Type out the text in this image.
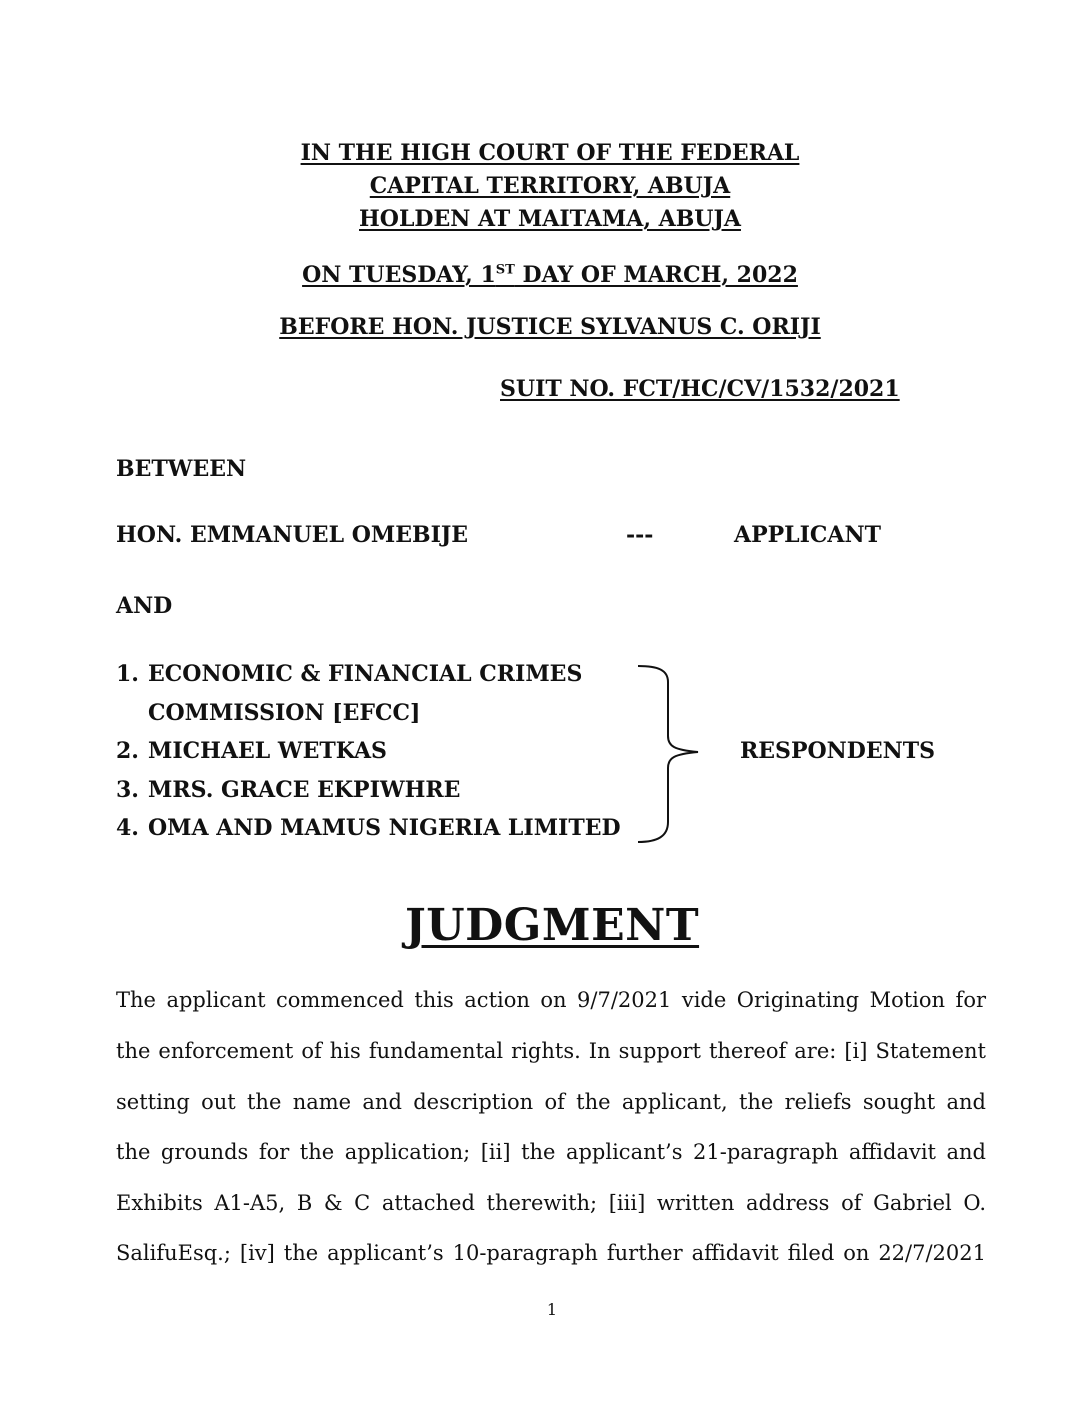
IN THE HIGH COURT OF THE FEDERAL
CAPITAL TERRITORY, ABUJA
HOLDEN AT MAITAMA, ABUJA
ON TUESDAY, 1ST DAY OF MARCH, 2022
BEFORE HON. JUSTICE SYLVANUS C. ORIJI
SUIT NO. FCT/HC/CV/1532/2021
BETWEEN
HON. EMMANUEL OMEBIJE	---	APPLICANT
AND
1. ECONOMIC & FINANCIAL CRIMES
COMMISSION [EFCC]
2. MICHAEL WETKAS
3. MRS. GRACE EKPIWHRE
4. OMA AND MAMUS NIGERIA LIMITED
RESPONDENTS
JUDGMENT
The applicant commenced this action on 9/7/2021 vide Originating Motion for
the enforcement of his fundamental rights. In support thereof are: [i] Statement
setting out the name and description of the applicant, the reliefs sought and
the grounds for the application; [ii] the applicant’s 21-paragraph affidavit and
Exhibits A1-A5, B & C attached therewith; [iii] written address of Gabriel O.
SalifuEsq.; [iv] the applicant’s 10-paragraph further affidavit filed on 22/7/2021
1
